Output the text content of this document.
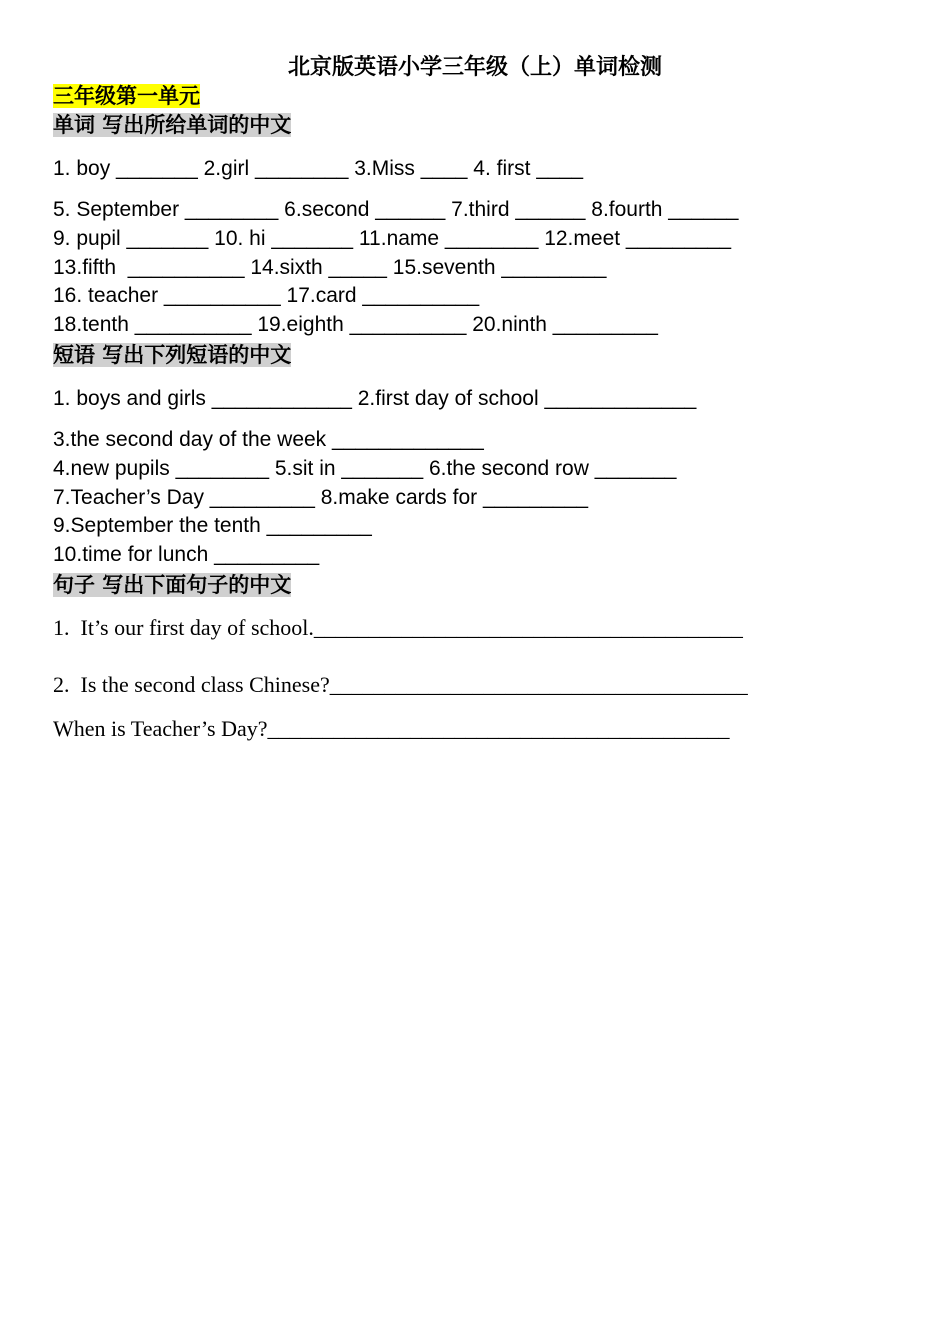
北京版英语小学三年级（上）单词检测
三年级第一单元
单词 写出所给单词的中文
1. boy _______ 2.girl ________ 3.Miss ____ 4. first ____
5. September ________ 6.second ______ 7.third ______ 8.fourth ______
9. pupil _______ 10. hi _______ 11.name ________ 12.meet _________
13.fifth  __________ 14.sixth _____ 15.seventh _________
16. teacher __________ 17.card __________
18.tenth __________ 19.eighth __________ 20.ninth _________
短语 写出下列短语的中文
1. boys and girls ____________ 2.first day of school _____________
3.the second day of the week _____________
4.new pupils ________ 5.sit in _______ 6.the second row _______
7.Teacher’s Day _________ 8.make cards for _________
9.September the tenth _________
10.time for lunch _________
句子 写出下面句子的中文
1.  It’s our first day of school._______________________________________
2.  Is the second class Chinese?______________________________________
When is Teacher’s Day?__________________________________________
